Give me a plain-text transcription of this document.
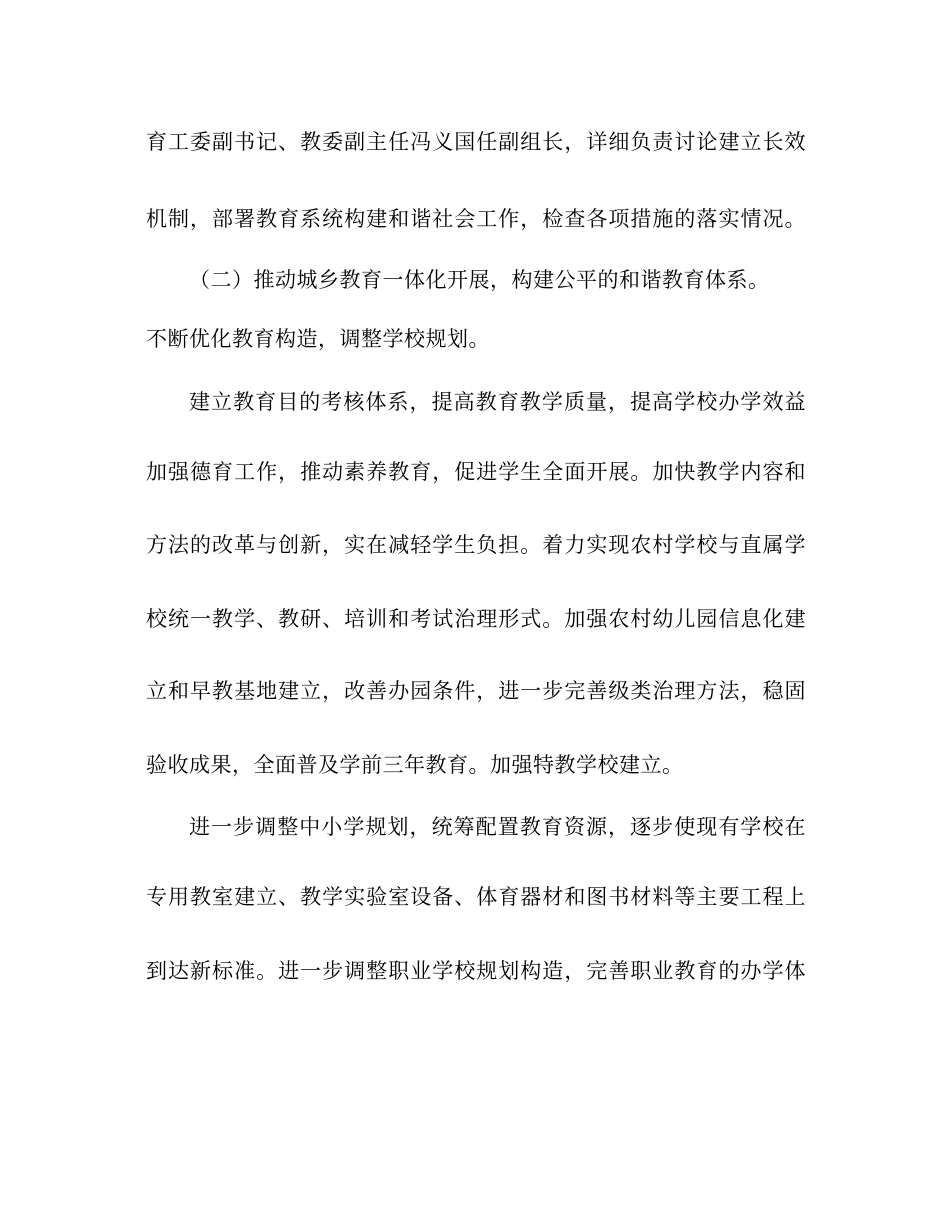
育工委副书记、教委副主任冯义国任副组长，详细负责讨论建立长效
机制，部署教育系统构建和谐社会工作，检查各项措施的落实情况。
（二）推动城乡教育一体化开展，构建公平的和谐教育体系。
不断优化教育构造，调整学校规划。
建立教育目的考核体系，提高教育教学质量，提高学校办学效益
加强德育工作，推动素养教育，促进学生全面开展。加快教学内容和
方法的改革与创新，实在减轻学生负担。着力实现农村学校与直属学
校统一教学、教研、培训和考试治理形式。加强农村幼儿园信息化建
立和早教基地建立，改善办园条件，进一步完善级类治理方法，稳固
验收成果，全面普及学前三年教育。加强特教学校建立。
进一步调整中小学规划，统筹配置教育资源，逐步使现有学校在
专用教室建立、教学实验室设备、体育器材和图书材料等主要工程上
到达新标准。进一步调整职业学校规划构造，完善职业教育的办学体
